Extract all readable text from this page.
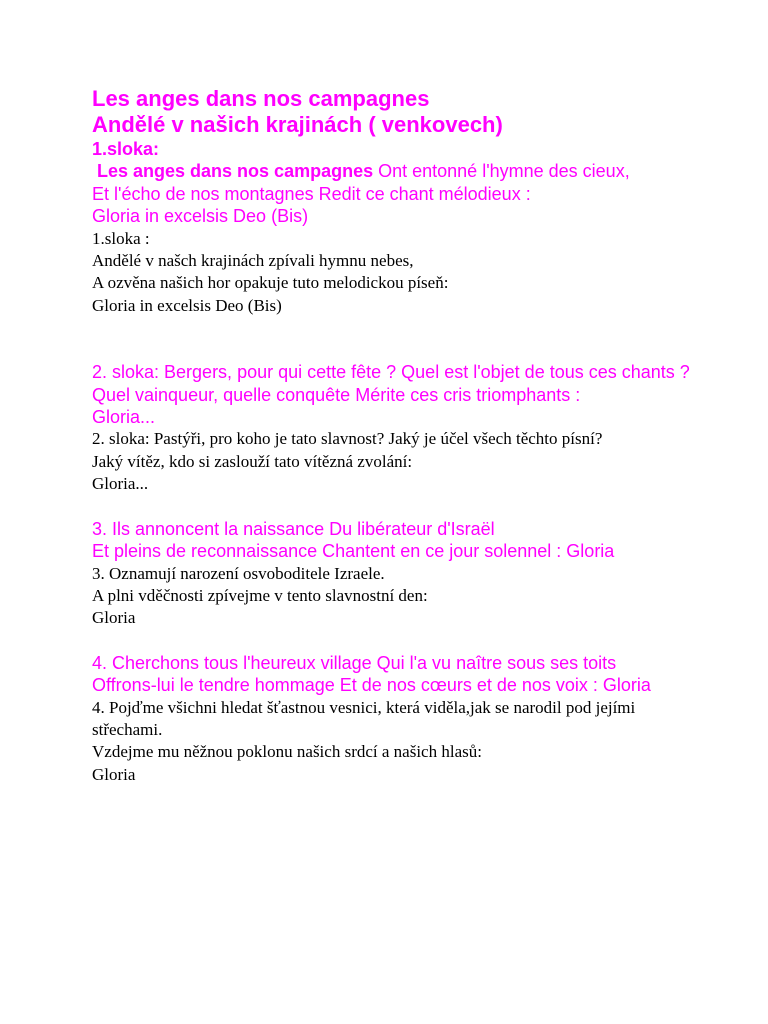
Les anges dans nos campagnes

Andělé v našich krajinách ( venkovech)

1.sloka:

Les anges dans nos campagnes Ont entonné l'hymne des cieux,

Et l'écho de nos montagnes Redit ce chant mélodieux :

Gloria in excelsis Deo (Bis)

1.sloka :

Andělé v našch krajinách zpívali hymnu nebes,

A ozvěna našich hor opakuje tuto melodickou píseň:

Gloria in excelsis Deo (Bis)

2. sloka: Bergers, pour qui cette fête ? Quel est l'objet de tous ces chants ?

Quel vainqueur, quelle conquête Mérite ces cris triomphants :

Gloria...

2. sloka: Pastýři, pro koho je tato slavnost? Jaký je účel všech těchto písní?

Jaký vítěz, kdo si zaslouží tato vítězná zvolání:

Gloria...

3. Ils annoncent la naissance Du libérateur d'Israël

Et pleins de reconnaissance Chantent en ce jour solennel : Gloria

3. Oznamují narození osvoboditele Izraele.

A plni vděčnosti zpívejme v tento slavnostní den:

Gloria

4. Cherchons tous l'heureux village Qui l'a vu naître sous ses toits

Offrons-lui le tendre hommage Et de nos cœurs et de nos voix : Gloria

4. Pojďme všichni hledat šťastnou vesnici, která viděla,jak se narodil pod jejími střechami.

Vzdejme mu něžnou poklonu našich srdcí a našich hlasů:

Gloria
